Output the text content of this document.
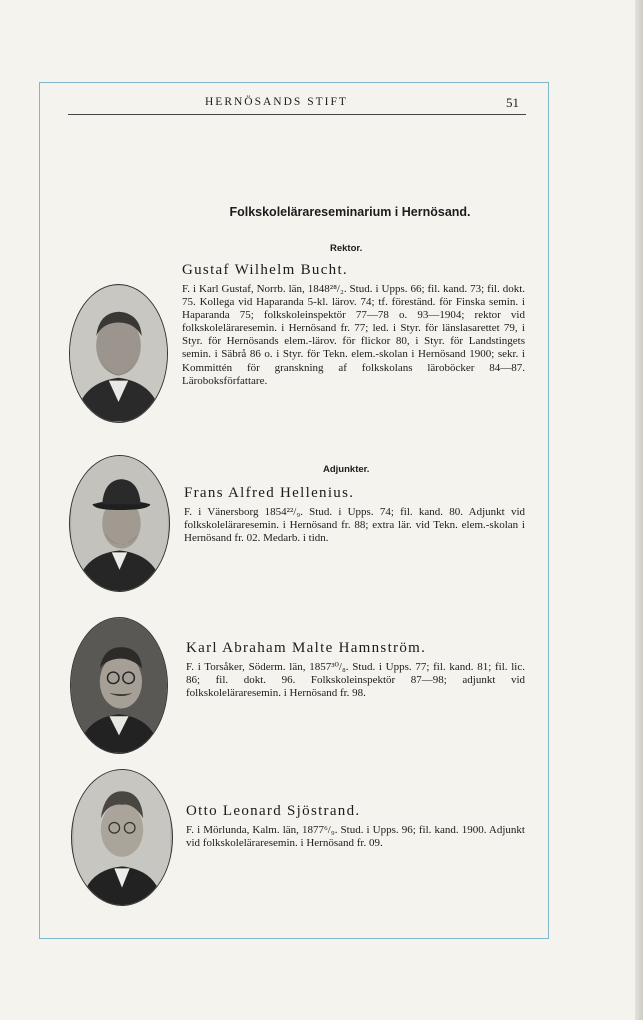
HERNÖSANDS STIFT	51
Folkskolelärareseminarium i Hernösand.
Rektor.
Gustaf Wilhelm Bucht.

F. i Karl Gustaf, Norrb. län, 1848²⁸/₂. Stud. i Upps. 66; fil. kand. 73; fil. dokt. 75. Kollega vid Haparanda 5-kl. lärov. 74; tf. föreständ. för Finska semin. i Haparanda 75; folkskoleinspektör 77—78 o. 93—1904; rektor vid folkskoleläraresemin. i Hernösand fr. 77; led. i Styr. för länslasarettet 79, i Styr. för Hernösands elem.-lärov. för flickor 80, i Styr. för Landstingets semin. i Säbrå 86 o. i Styr. för Tekn. elem.-skolan i Hernösand 1900; sekr. i Kommittén för granskning af folkskolans läroböcker 84—87. Läroboksförfattare.

Adjunkter.
Frans Alfred Hellenius.

F. i Vänersborg 1854²²/₉. Stud. i Upps. 74; fil. kand. 80. Adjunkt vid folkskoleläraresemin. i Hernösand fr. 88; extra lär. vid Tekn. elem.-skolan i Hernösand fr. 02. Medarb. i tidn.

Karl Abraham Malte Hamnström.

F. i Torsåker, Söderm. län, 1857³⁰/₈. Stud. i Upps. 77; fil. kand. 81; fil. lic. 86; fil. dokt. 96. Folkskoleinspektör 87—98; adjunkt vid folkskoleläraresemin. i Hernösand fr. 98.

Otto Leonard Sjöstrand.

F. i Mörlunda, Kalm. län, 1877⁶/₉. Stud. i Upps. 96; fil. kand. 1900. Adjunkt vid folkskoleläraresemin. i Hernösand fr. 09.
